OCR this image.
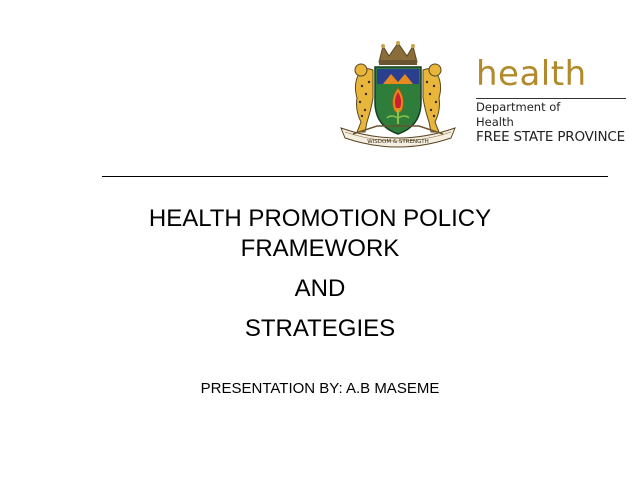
WISDOM & STRENGTH
health
Department of
Health
FREE STATE PROVINCE
HEALTH PROMOTION POLICY
FRAMEWORK
AND
STRATEGIES
PRESENTATION BY: A.B MASEME
